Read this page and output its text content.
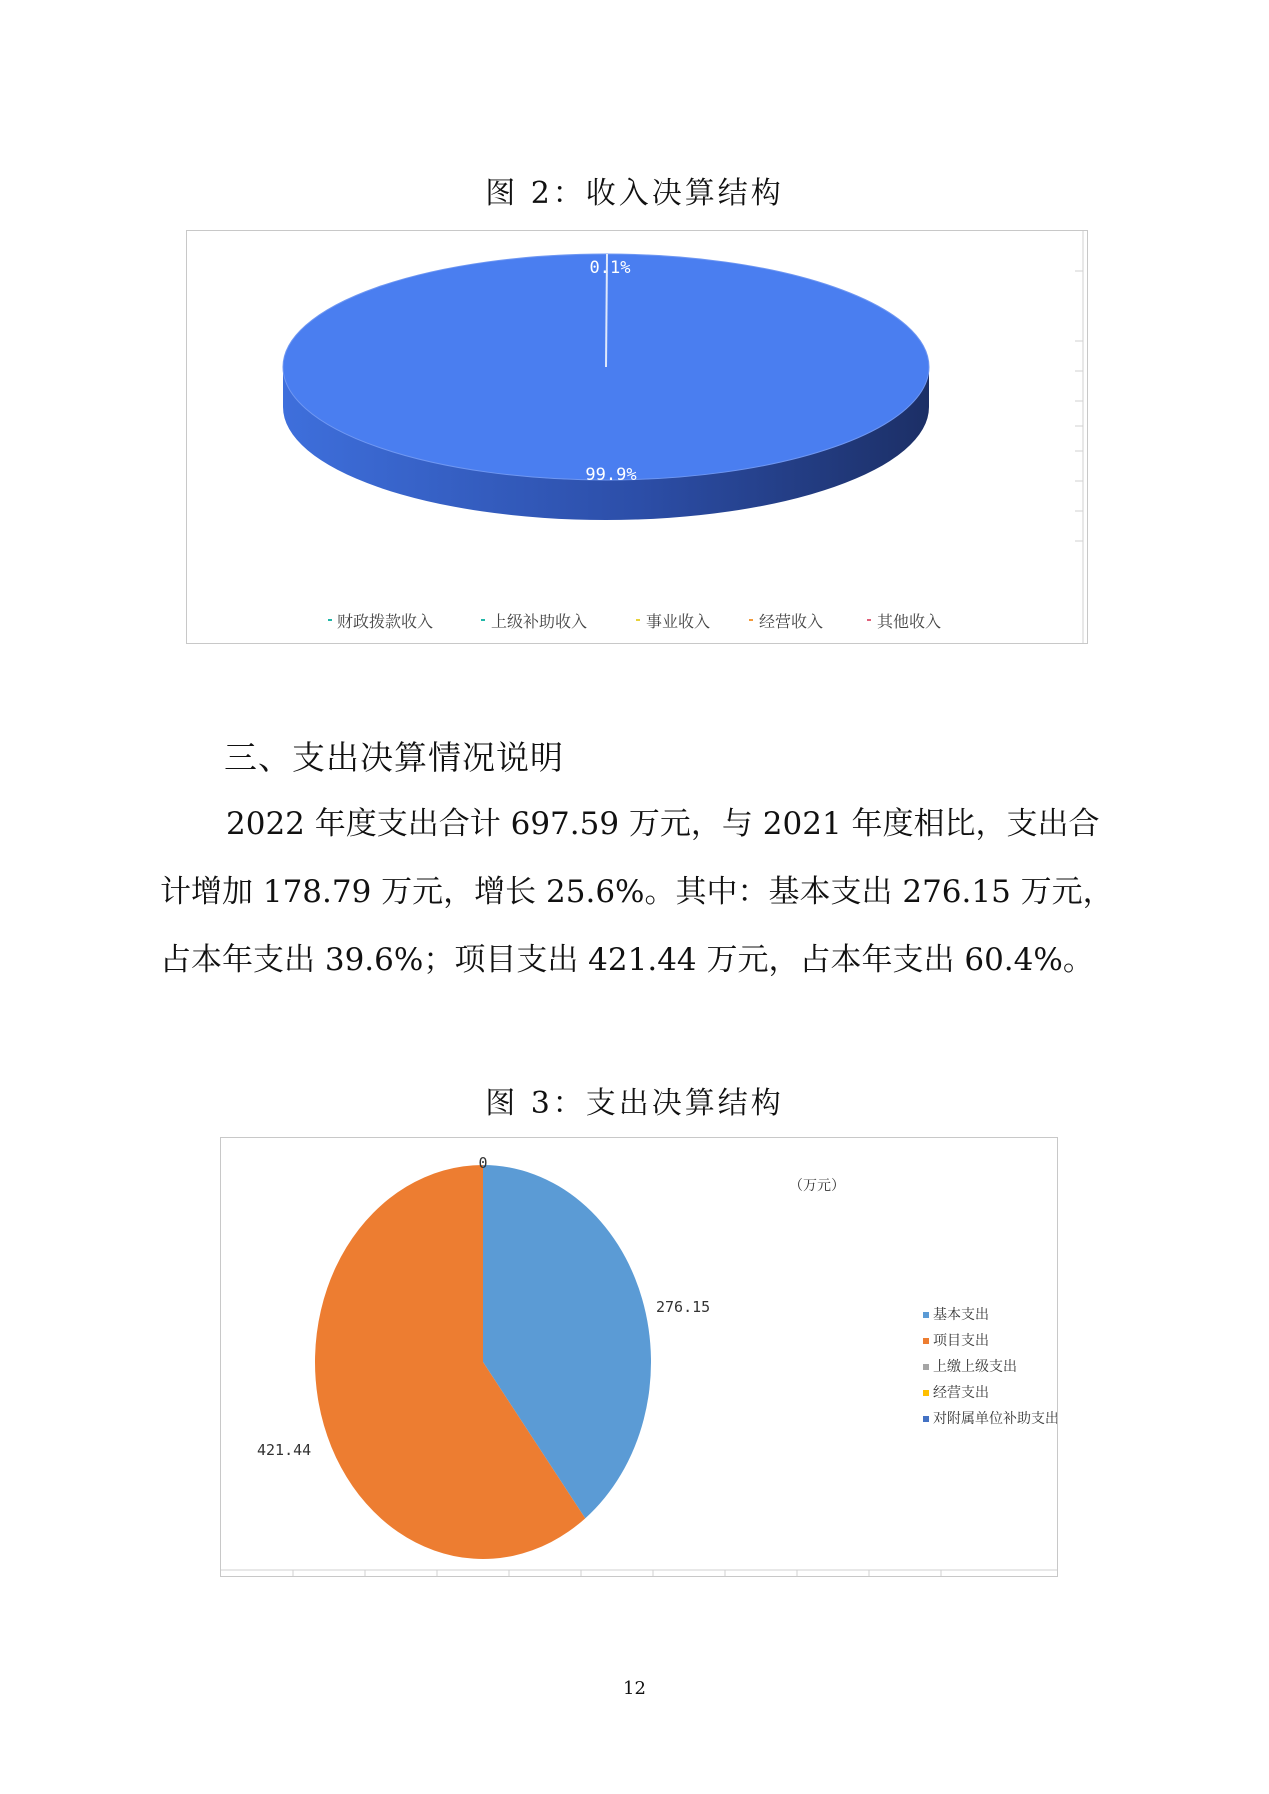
图 2：收入决算结构
0.1%
99.9%
财政拨款收入	上级补助收入	事业收入	经营收入	其他收入
三、支出决算情况说明
2022 年度支出合计 697.59 万元，与 2021 年度相比，支出合
计增加 178.79 万元，增长 25.6%。其中：基本支出 276.15 万元，
占本年支出 39.6%；项目支出 421.44 万元，占本年支出 60.4%。
图 3：支出决算结构
0
276.15
421.44
（万元）
基本支出
项目支出
上缴上级支出
经营支出
对附属单位补助支出
12
